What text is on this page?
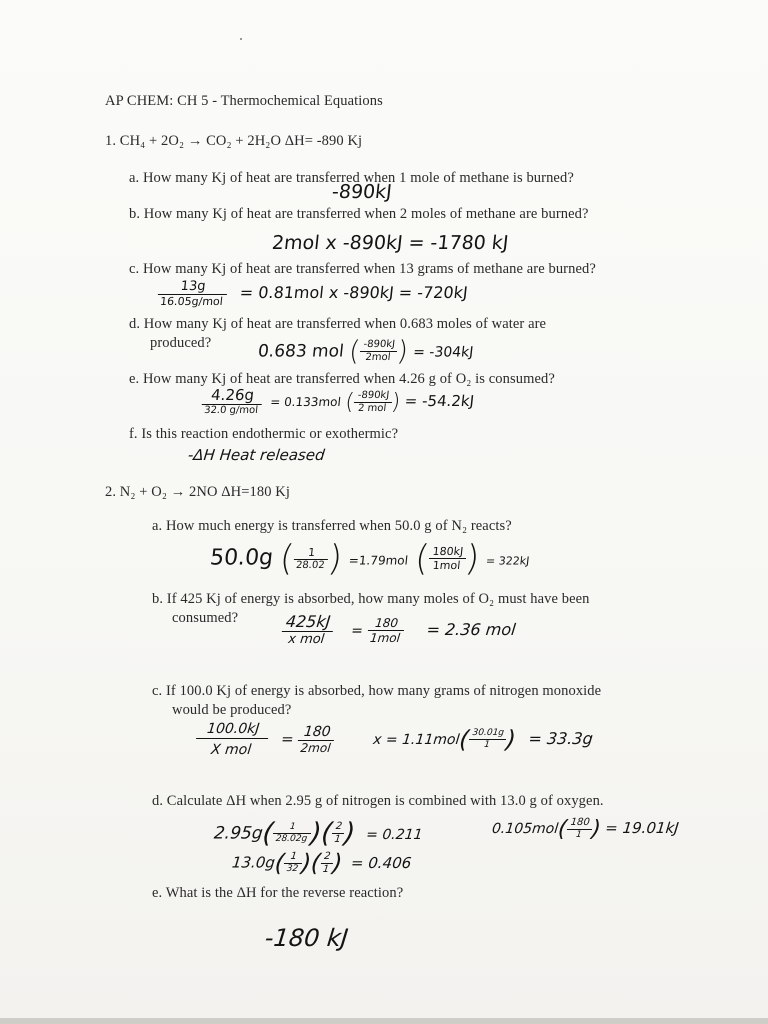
AP CHEM: CH 5 - Thermochemical Equations
1. CH₄ + 2O₂ → CO₂ + 2H₂O ΔH= -890 Kj
a. How many Kj of heat are transferred when 1 mole of methane is burned?
-890kJ
b. How many Kj of heat are transferred when 2 moles of methane are burned?
2mol x -890kJ = -1780 kJ
c. How many Kj of heat are transferred when 13 grams of methane are burned?
$\frac{13g}{\text{16.05g/mol}} = 0.81mol$ x -890kJ = -720kJ
d. How many Kj of heat are transferred when 0.683 moles of water are
produced?	0.683 mol (
$\frac{-890kJ}{\text{2mol}}$
) = -304kJ
e. How many Kj of heat are transferred when 4.26 g of O₂ is consumed?
$\frac{4.26g}{\text{32.0 g/mol}} = 0.133mol$ (
$\frac{-890kJ}{\text{2 mol}}$
) = -54.2kJ
f. Is this reaction endothermic or exothermic?
-ΔH Heat released
2. N₂ + O₂ → 2NO ΔH=180 Kj
a. How much energy is transferred when 50.0 g of N₂ reacts?
50.0g (
$\frac{1}{28.02}$
) =1.79mol (
$\frac{180kJ}{\text{1mol}}$
) = 322kJ
b. If 425 Kj of energy is absorbed, how many moles of O₂ must have been
consumed?	$\frac{425kJ}{\text{x mol}} = \frac{180}{\text{1mol}} = 2.36$ mol
c. If 100.0 Kj of energy is absorbed, how many grams of nitrogen monoxide
would be produced?
$\frac{100.0kJ}{\text{X mol}} = \frac{180}{\text{2mol}}$	x = 1.11mol(
$\frac{30.01g}{1}$
) = 33.3g
d. Calculate ΔH when 2.95 g of nitrogen is combined with 13.0 g of oxygen.
2.95g(
$\frac{1}{28.02g}$
)(
$\frac{2}{1}$
) = 0.211
13.0g(
$\frac{1}{32}$
)(
$\frac{2}{1}$
) = 0.406
0.105mol(
$\frac{180}{1}$
) = 19.01kJ
e. What is the ΔH for the reverse reaction?
-180 kJ
